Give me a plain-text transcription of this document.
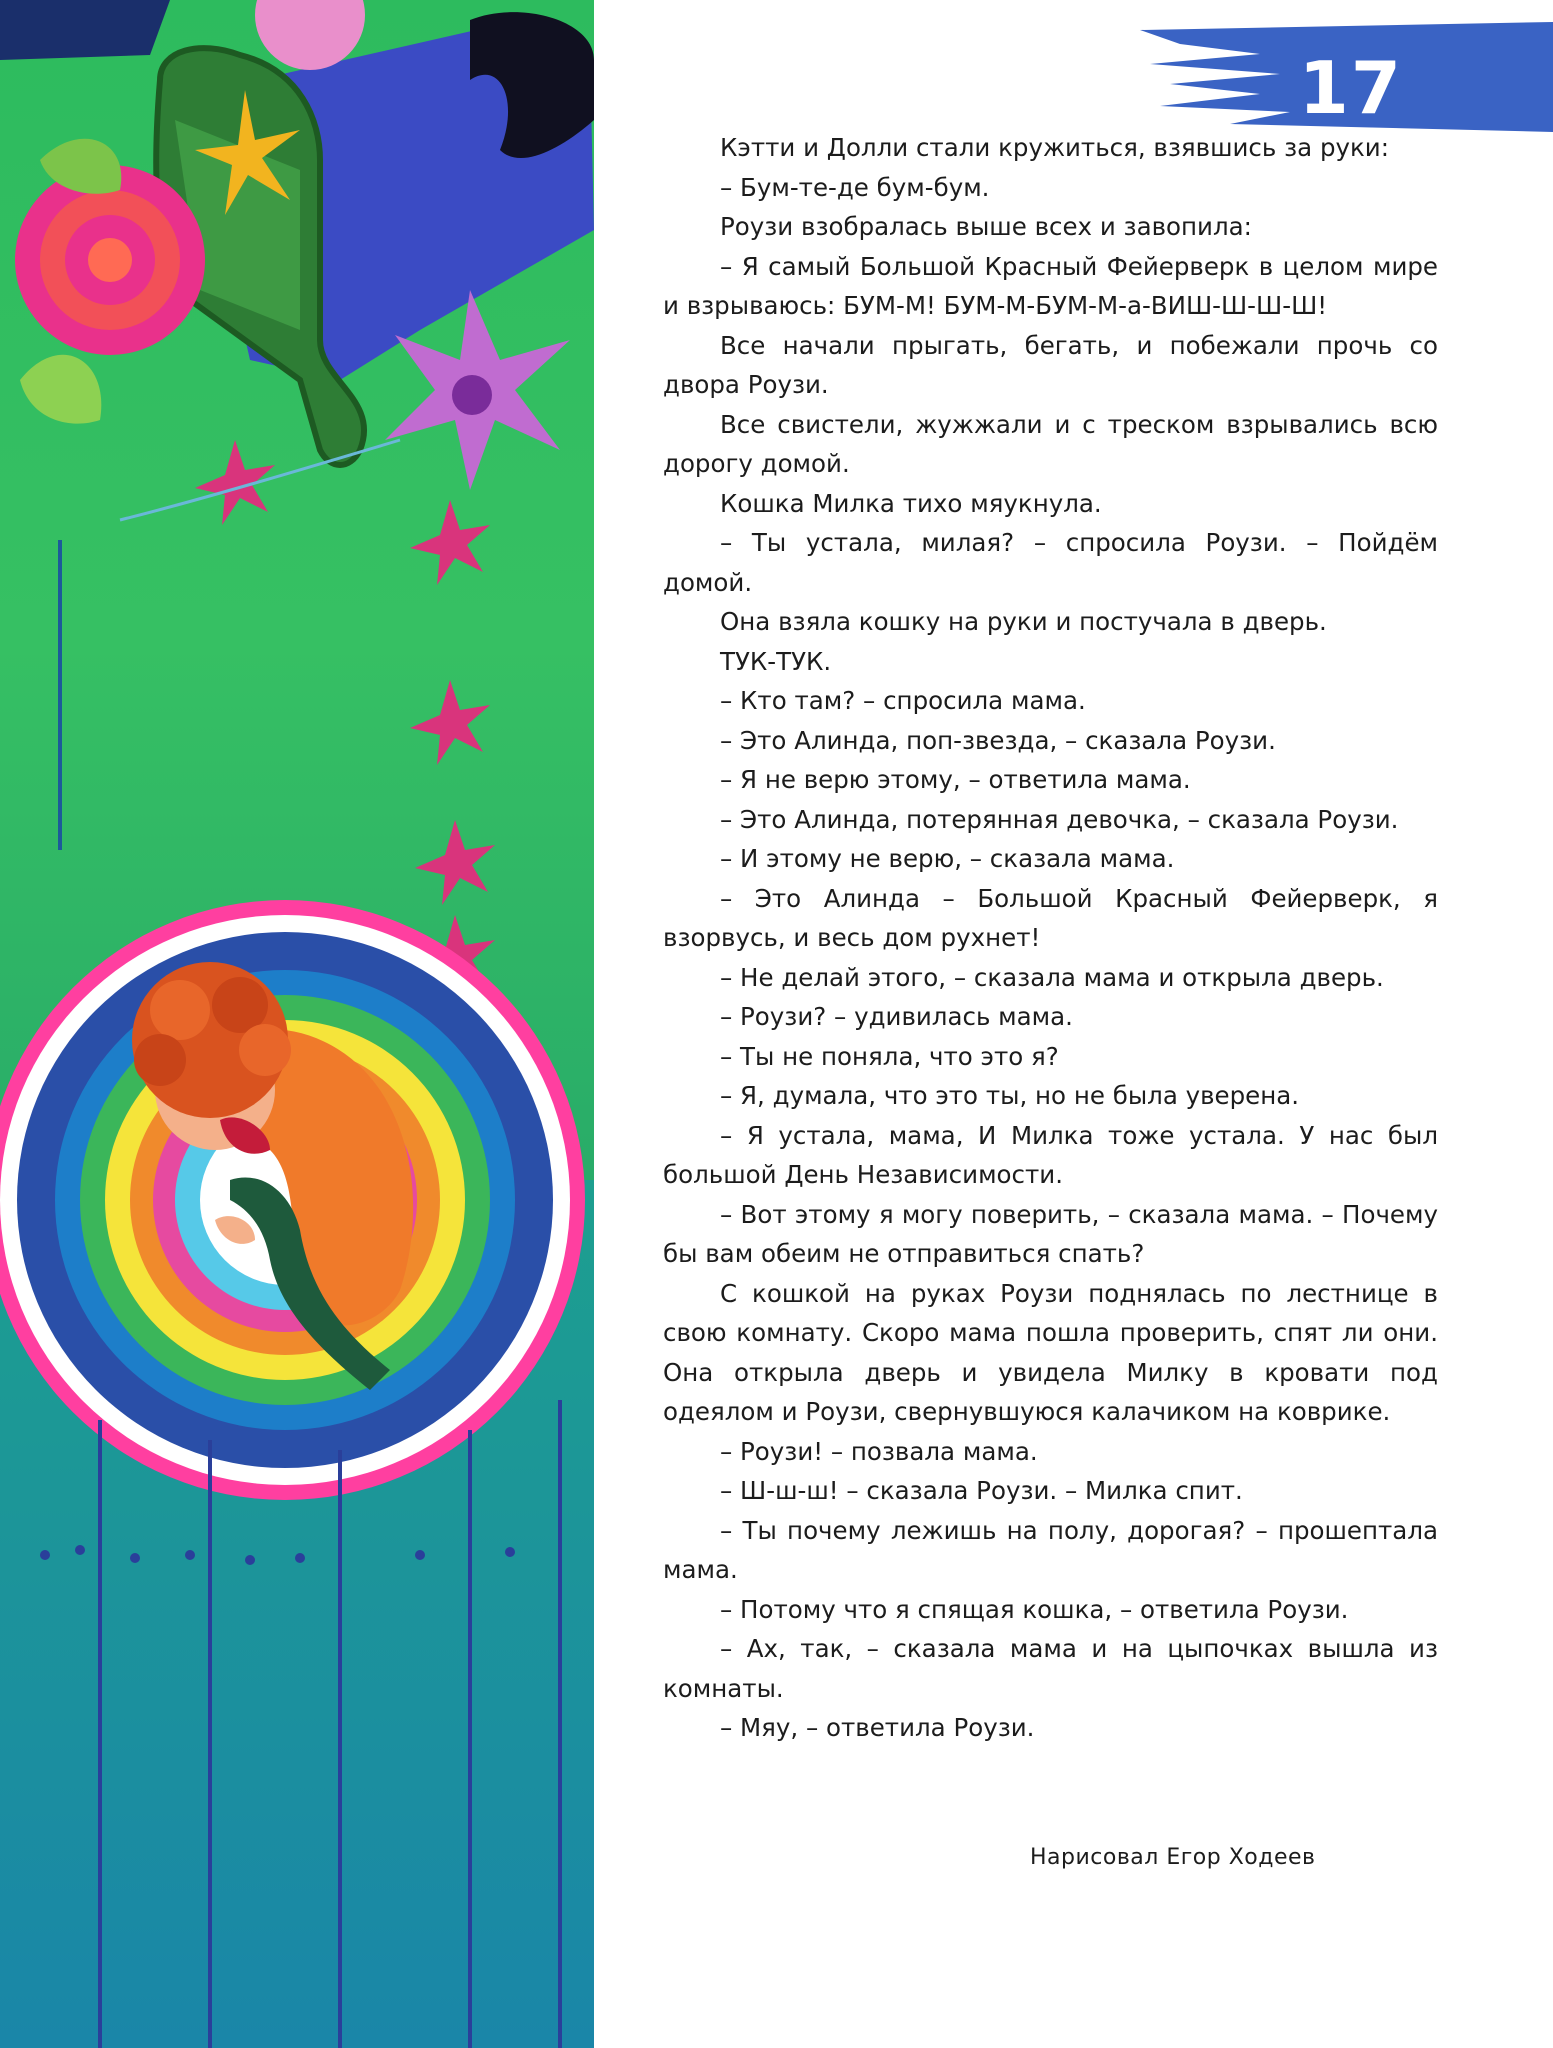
17

Кэтти и Долли стали кружиться, взявшись за руки:

– Бум-те-де бум-бум.

Роузи взобралась выше всех и завопила:

– Я самый Большой Красный Фейерверк в целом мире и взрываюсь: БУМ-М! БУМ-М-БУМ-М-а-ВИШ-Ш-Ш-Ш!

Все начали прыгать, бегать, и побежали прочь со двора Роузи.

Все свистели, жужжали и с треском взрывались всю дорогу домой.

Кошка Милка тихо мяукнула.

– Ты устала, милая? – спросила Роузи. – Пойдём домой.

Она взяла кошку на руки и постучала в дверь.

ТУК-ТУК.

– Кто там? – спросила мама.

– Это Алинда, поп-звезда, – сказала Роузи.

– Я не верю этому, – ответила мама.

– Это Алинда, потерянная девочка, – сказала Роузи.

– И этому не верю, – сказала мама.

– Это Алинда – Большой Красный Фейерверк, я взорвусь, и весь дом рухнет!

– Не делай этого, – сказала мама и открыла дверь.

– Роузи? – удивилась мама.

– Ты не поняла, что это я?

– Я, думала, что это ты, но не была уверена.

– Я устала, мама, И Милка тоже устала. У нас был большой День Независимости.

– Вот этому я могу поверить, – сказала мама. – Почему бы вам обеим не отправиться спать?

С кошкой на руках Роузи поднялась по лестнице в свою комнату. Скоро мама пошла проверить, спят ли они. Она открыла дверь и увидела Милку в кровати под одеялом и Роузи, свернувшуюся калачиком на коврике.

– Роузи! – позвала мама.

– Ш-ш-ш! – сказала Роузи. – Милка спит.

– Ты почему лежишь на полу, дорогая? – прошептала мама.

– Потому что я спящая кошка, – ответила Роузи.

– Ах, так, – сказала мама и на цыпочках вышла из комнаты.

– Мяу, – ответила Роузи.

Нарисовал Егор Ходеев
